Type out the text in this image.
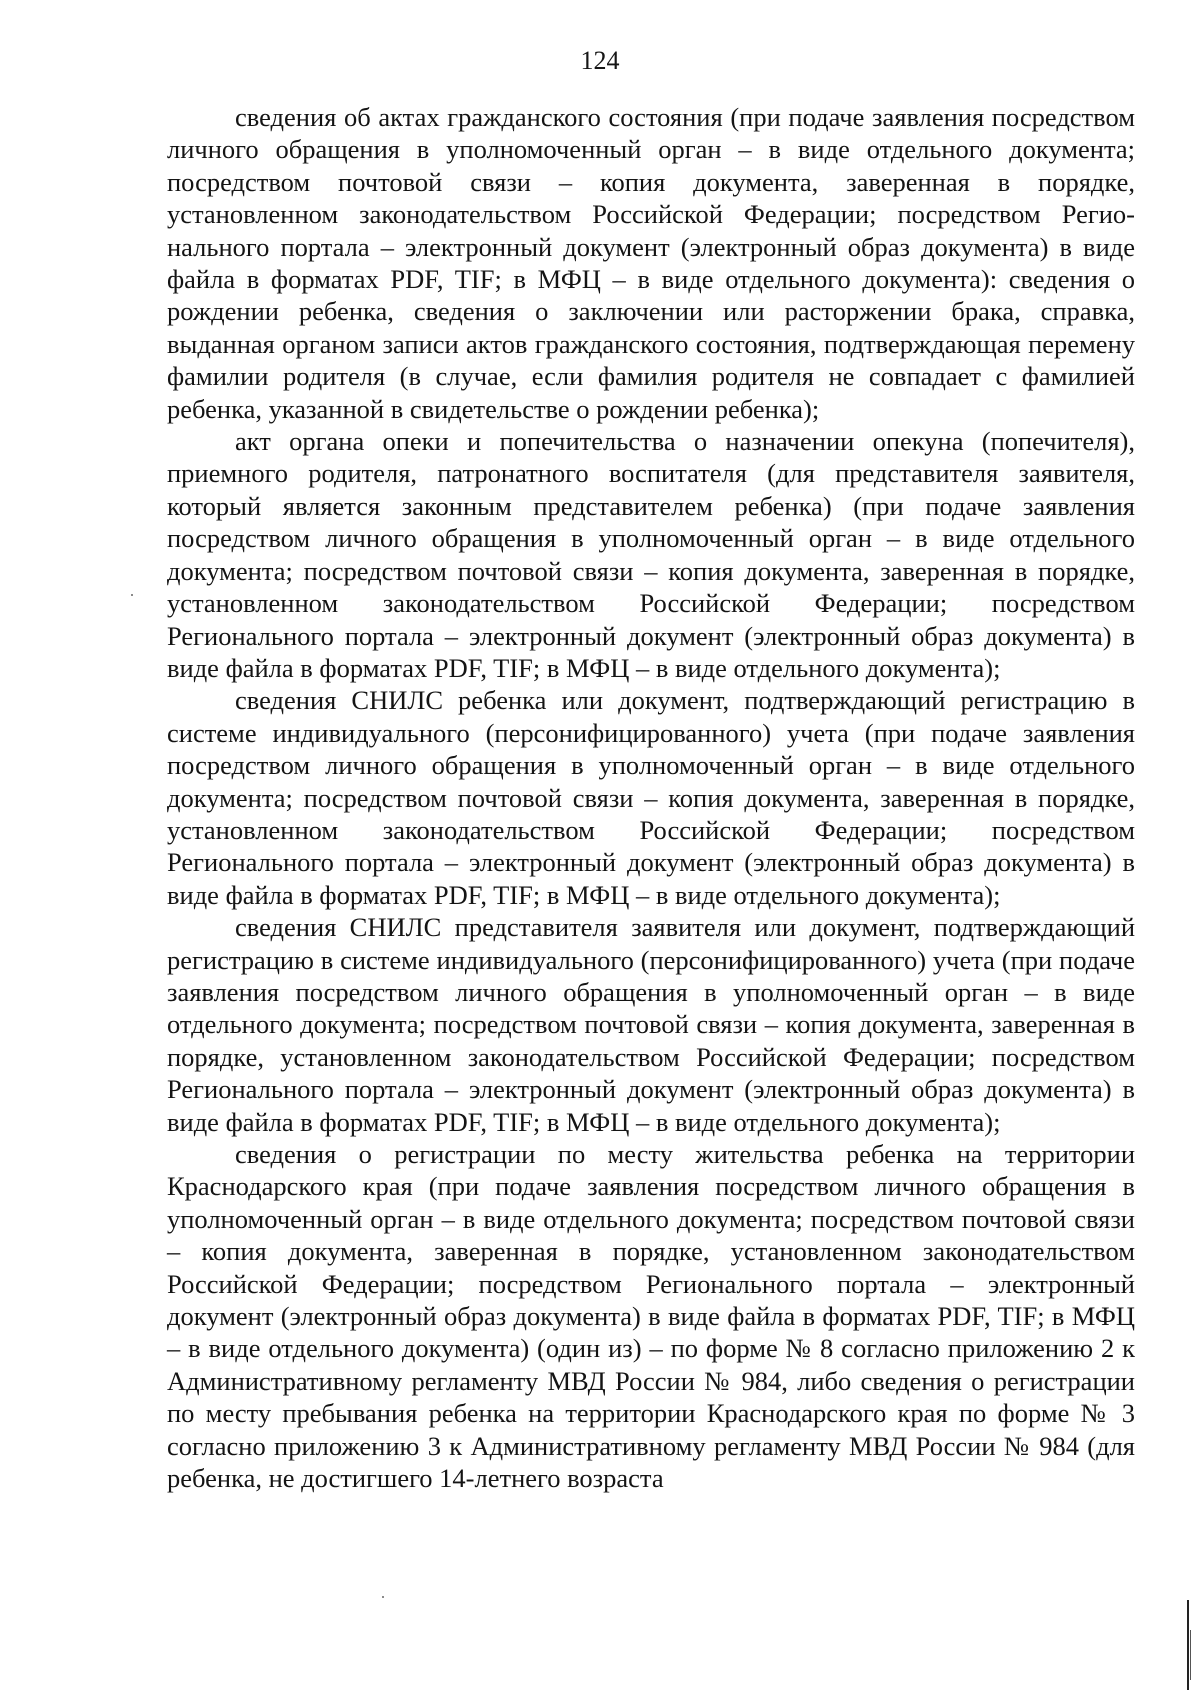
124

сведения об актах гражданского состояния (при подаче заявления посредством личного обращения в уполномоченный орган – в виде отдельного документа; посредством почтовой связи – копия документа, заверенная в порядке, установленном законодательством Российской Федерации; посредством Регионального портала – электронный документ (электронный образ документа) в виде файла в форматах PDF, TIF; в МФЦ – в виде отдельного документа): сведения о рождении ребенка, сведения о заключении или расторжении брака, справка, выданная органом записи актов гражданского состояния, подтверждающая перемену фамилии родителя (в случае, если фамилия родителя не совпадает с фамилией ребенка, указанной в свидетельстве о рождении ребенка);

акт органа опеки и попечительства о назначении опекуна (попечителя), приемного родителя, патронатного воспитателя (для представителя заявителя, который является законным представителем ребенка) (при подаче заявления посредством личного обращения в уполномоченный орган – в виде отдельного документа; посредством почтовой связи – копия документа, заверенная в порядке, установленном законодательством Российской Федерации; посредством Регионального портала – электронный документ (электронный образ документа) в виде файла в форматах PDF, TIF; в МФЦ – в виде отдельного документа);

сведения СНИЛС ребенка или документ, подтверждающий регистрацию в системе индивидуального (персонифицированного) учета (при подаче заявления посредством личного обращения в уполномоченный орган – в виде отдельного документа; посредством почтовой связи – копия документа, заверенная в порядке, установленном законодательством Российской Федерации; посредством Регионального портала – электронный документ (электронный образ документа) в виде файла в форматах PDF, TIF; в МФЦ – в виде отдельного документа);

сведения СНИЛС представителя заявителя или документ, подтверждающий регистрацию в системе индивидуального (персонифицированного) учета (при подаче заявления посредством личного обращения в уполномоченный орган – в виде отдельного документа; посредством почтовой связи – копия документа, заверенная в порядке, установленном законодательством Российской Федерации; посредством Регионального портала – электронный документ (электронный образ документа) в виде файла в форматах PDF, TIF; в МФЦ – в виде отдельного документа);

сведения о регистрации по месту жительства ребенка на территории Краснодарского края (при подаче заявления посредством личного обращения в уполномоченный орган – в виде отдельного документа; посредством почтовой связи – копия документа, заверенная в порядке, установленном законодательством Российской Федерации; посредством Регионального портала – электронный документ (электронный образ документа) в виде файла в форматах PDF, TIF; в МФЦ – в виде отдельного документа) (один из) – по форме № 8 согласно приложению 2 к Административному регламенту МВД России № 984, либо сведения о регистрации по месту пребывания ребенка на территории Краснодарского края по форме № 3 согласно приложению 3 к Административному регламенту МВД России № 984 (для ребенка, не достигшего 14-летнего возраста
